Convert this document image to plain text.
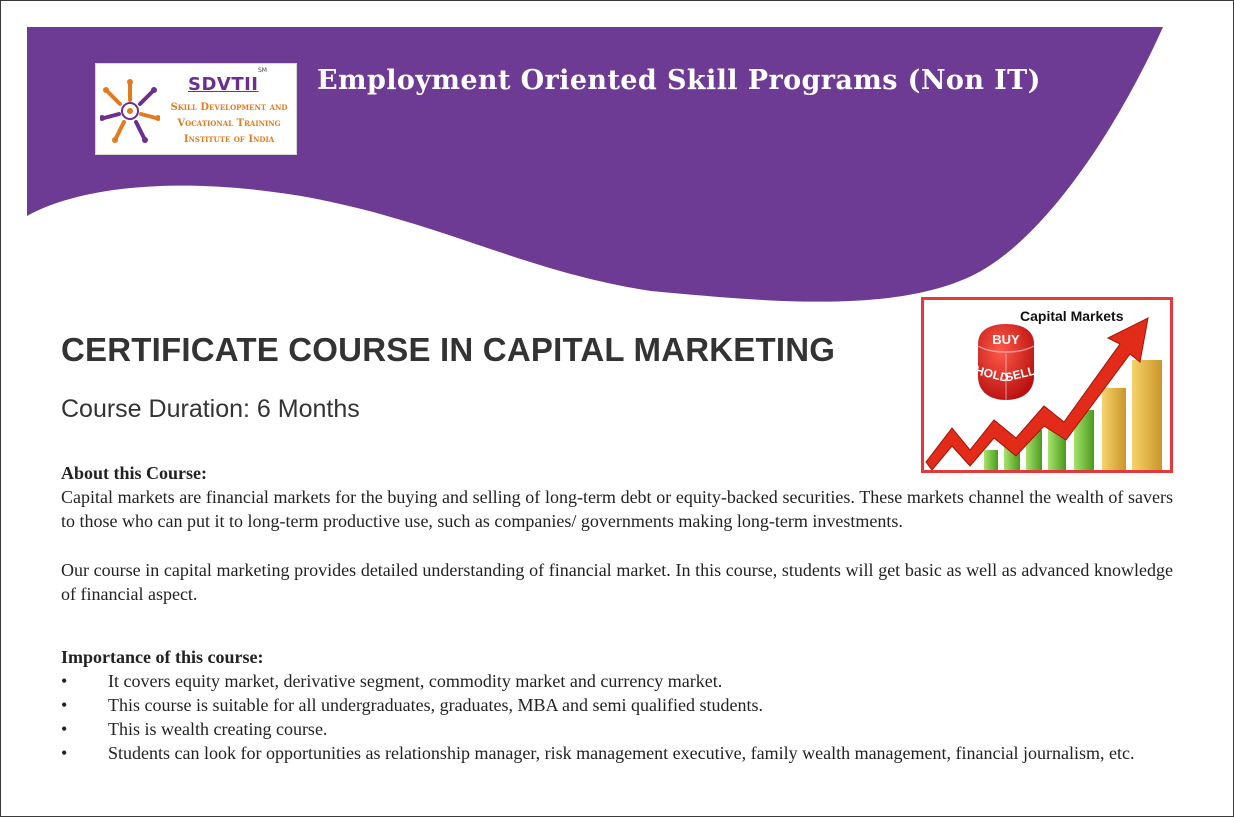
SM
SDVTII
Skill Development and Vocational Training Institute of India
Employment Oriented Skill Programs (Non IT)
CERTIFICATE COURSE IN CAPITAL MARKETING
Course Duration: 6 Months
BUY
HOLD
SELL
Capital Markets
About this Course:

Capital markets are financial markets for the buying and selling of long-term debt or equity-backed securities. These markets channel the wealth of savers to those who can put it to long-term productive use, such as companies/ governments making long-term investments.

Our course in capital marketing provides detailed understanding of financial market. In this course, students will get basic as well as advanced knowledge of financial aspect.

Importance of this course:
• It covers equity market, derivative segment, commodity market and currency market.
• This course is suitable for all undergraduates, graduates, MBA and semi qualified students.
• This is wealth creating course.
• Students can look for opportunities as relationship manager, risk management executive, family wealth management, financial journalism, etc.
